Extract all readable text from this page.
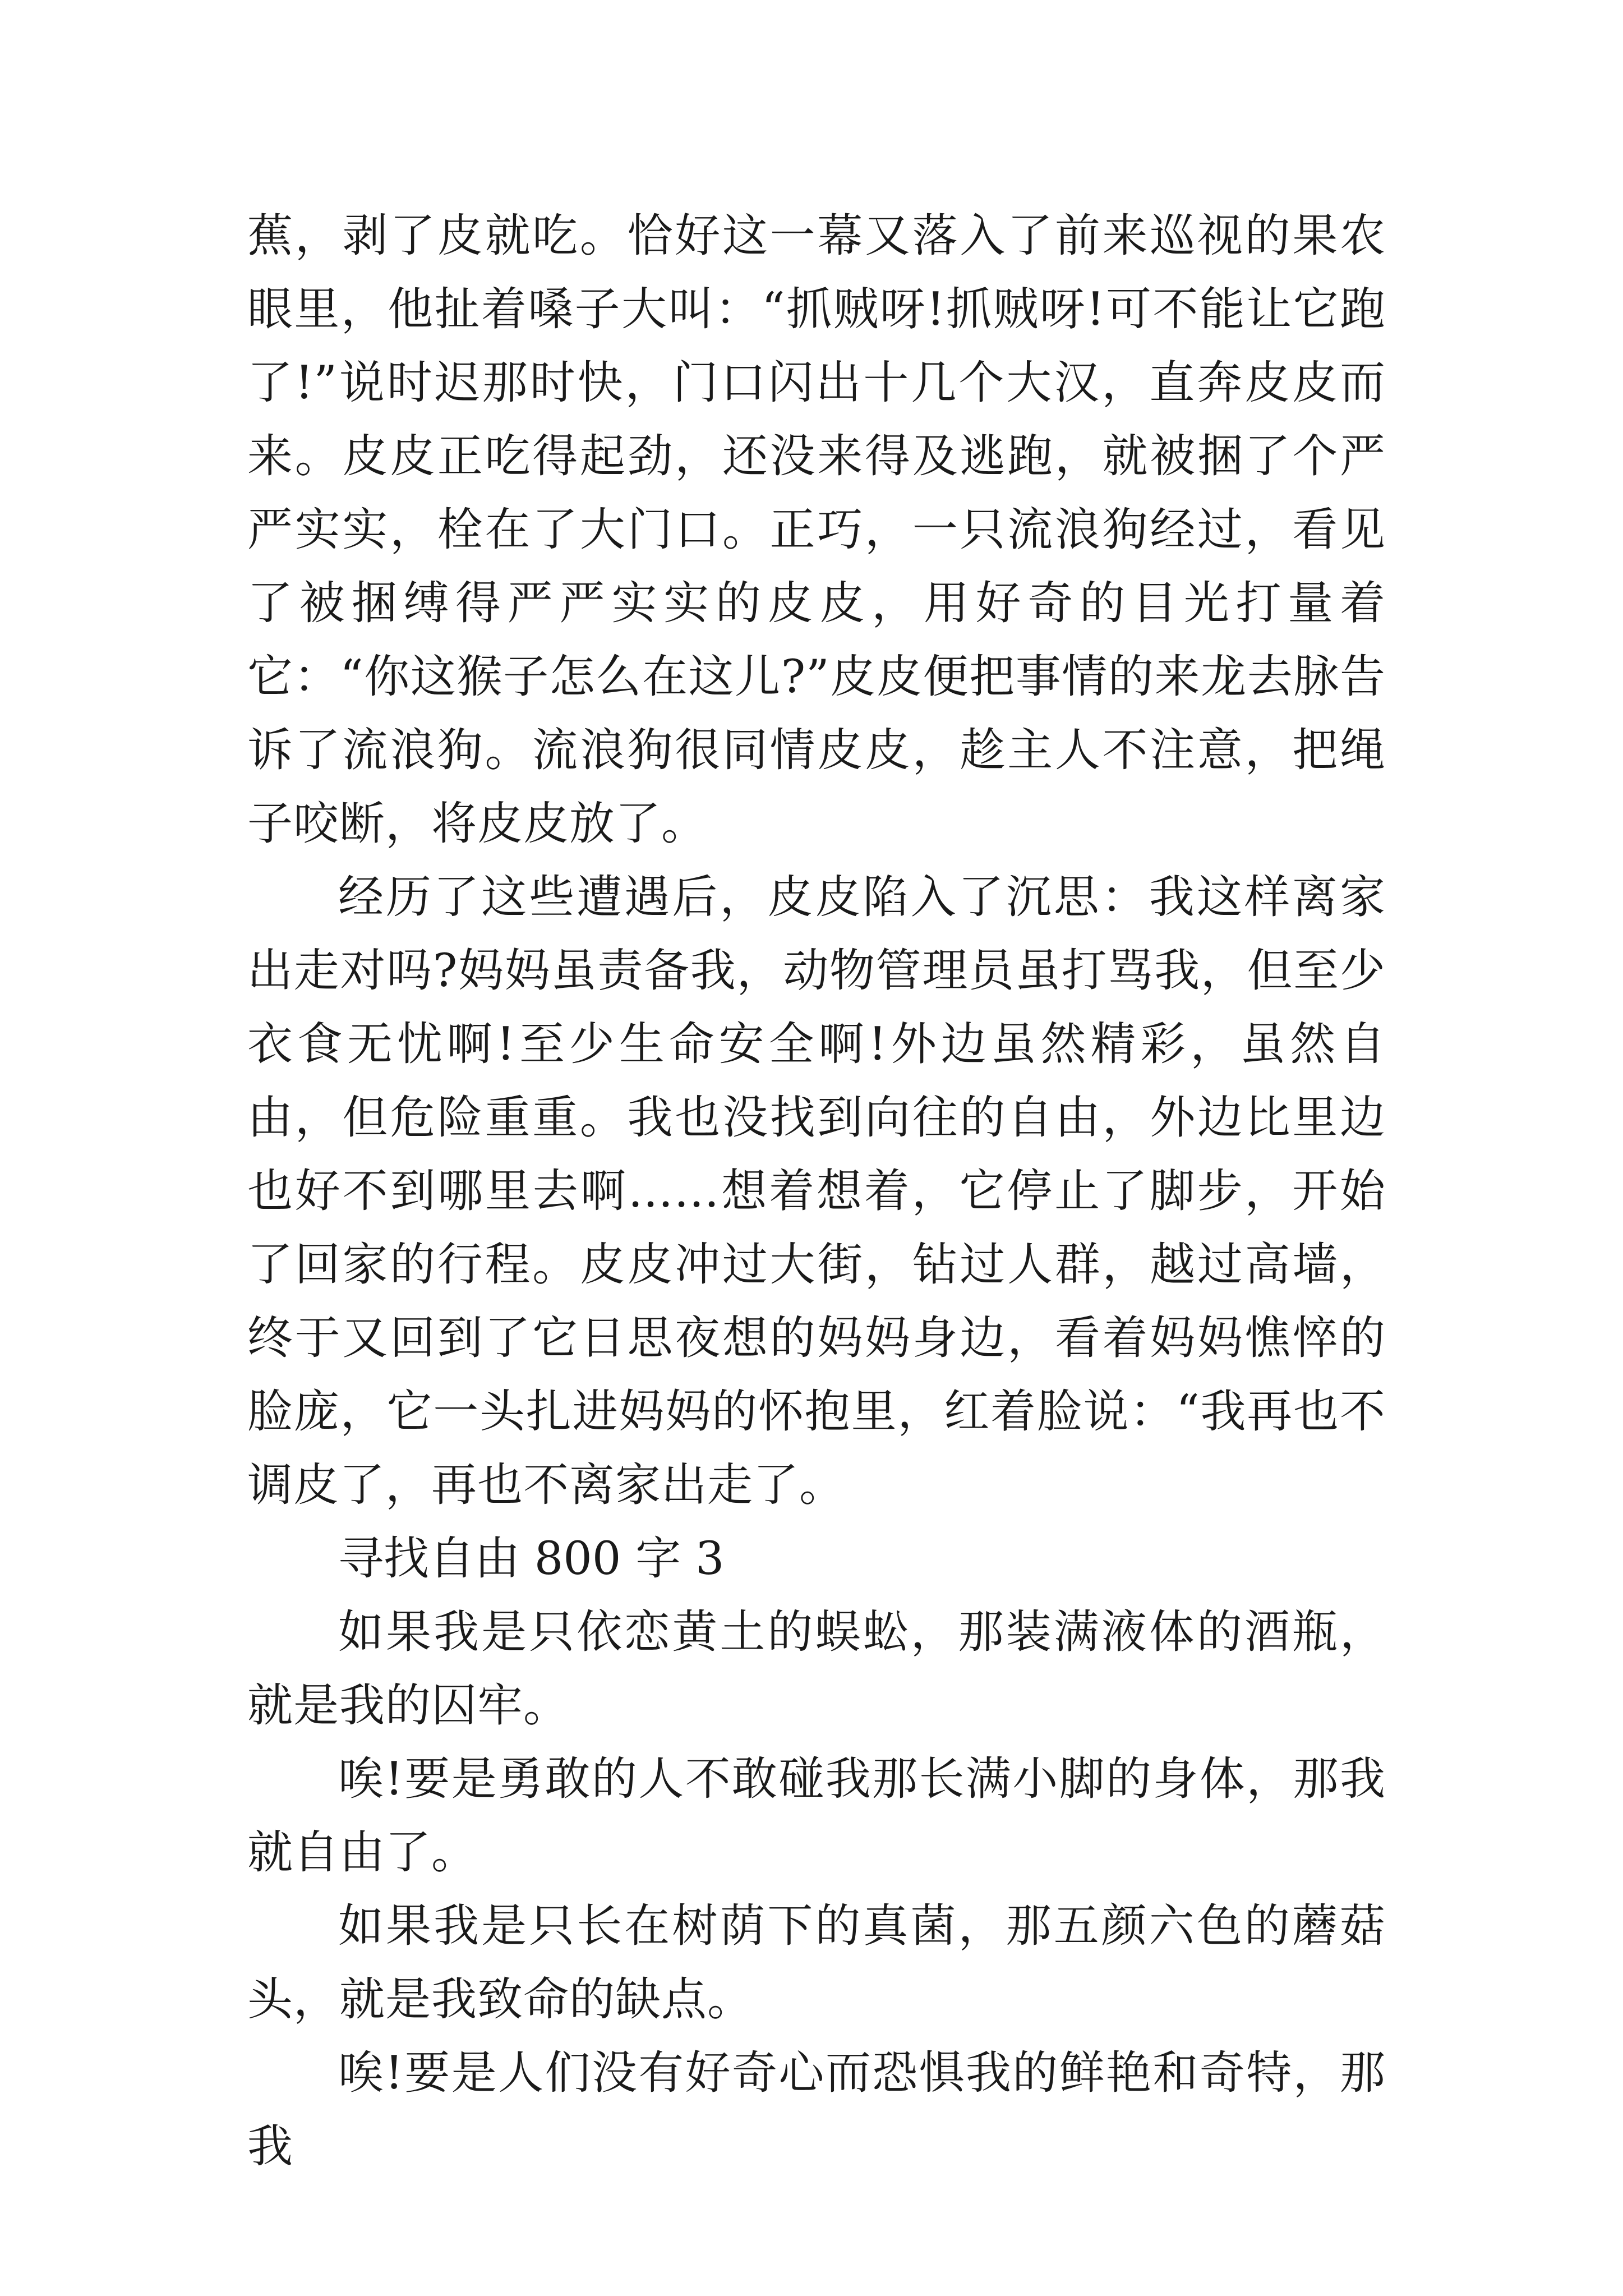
蕉，剥了皮就吃。恰好这一幕又落入了前来巡视的果农眼里，他扯着嗓子大叫：“抓贼呀!抓贼呀!可不能让它跑了!”说时迟那时快，门口闪出十几个大汉，直奔皮皮而来。皮皮正吃得起劲，还没来得及逃跑，就被捆了个严严实实，栓在了大门口。正巧，一只流浪狗经过，看见了被捆缚得严严实实的皮皮，用好奇的目光打量着它：“你这猴子怎么在这儿?”皮皮便把事情的来龙去脉告诉了流浪狗。流浪狗很同情皮皮，趁主人不注意，把绳子咬断，将皮皮放了。

经历了这些遭遇后，皮皮陷入了沉思：我这样离家出走对吗?妈妈虽责备我，动物管理员虽打骂我，但至少衣食无忧啊!至少生命安全啊!外边虽然精彩，虽然自由，但危险重重。我也没找到向往的自由，外边比里边也好不到哪里去啊……想着想着，它停止了脚步，开始了回家的行程。皮皮冲过大街，钻过人群，越过高墙，终于又回到了它日思夜想的妈妈身边，看着妈妈憔悴的脸庞，它一头扎进妈妈的怀抱里，红着脸说：“我再也不调皮了，再也不离家出走了。

寻找自由 800 字 3

如果我是只依恋黄土的蜈蚣，那装满液体的酒瓶，就是我的囚牢。

唉!要是勇敢的人不敢碰我那长满小脚的身体，那我就自由了。

如果我是只长在树荫下的真菌，那五颜六色的蘑菇头，就是我致命的缺点。

唉!要是人们没有好奇心而恐惧我的鲜艳和奇特，那我
